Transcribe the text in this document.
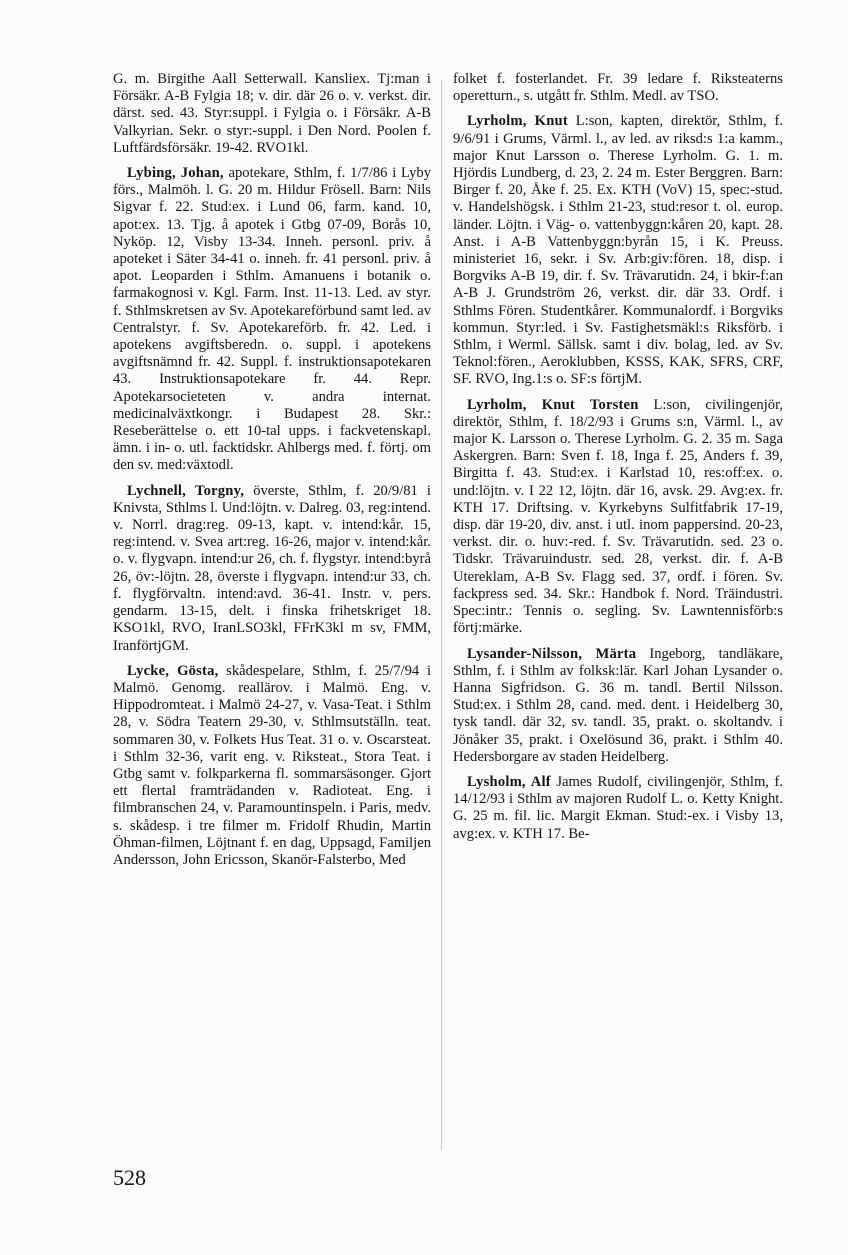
G. m. Birgithe Aall Setterwall. Kansliex. Tj:man i Försäkr. A-B Fylgia 18; v. dir. där 26 o. v. verkst. dir. därst. sed. 43. Styr:suppl. i Fylgia o. i Försäkr. A-B Valkyrian. Sekr. o styr:-suppl. i Den Nord. Poolen f. Luftfärdsförsäkr. 19-42. RVO1kl.

Lybing, Johan, apotekare, Sthlm, f. 1/7/86 i Lyby förs., Malmöh. l. G. 20 m. Hildur Frösell. Barn: Nils Sigvar f. 22. Stud:ex. i Lund 06, farm. kand. 10, apot:ex. 13. Tjg. å apotek i Gtbg 07-09, Borås 10, Nyköp. 12, Visby 13-34. Inneh. personl. priv. å apoteket i Säter 34-41 o. inneh. fr. 41 personl. priv. å apot. Leoparden i Sthlm. Amanuens i botanik o. farmakognosi v. Kgl. Farm. Inst. 11-13. Led. av styr. f. Sthlmskretsen av Sv. Apotekareförbund samt led. av Centralstyr. f. Sv. Apotekareförb. fr. 42. Led. i apotekens avgiftsberedn. o. suppl. i apotekens avgiftsnämnd fr. 42. Suppl. f. instruktionsapotekaren 43. Instruktionsapotekare fr. 44. Repr. Apotekarsocieteten v. andra internat. medicinalväxtkongr. i Budapest 28. Skr.: Reseberättelse o. ett 10-tal upps. i fackvetenskapl. ämn. i in- o. utl. facktidskr. Ahlbergs med. f. förtj. om den sv. med:växtodl.

Lychnell, Torgny, överste, Sthlm, f. 20/9/81 i Knivsta, Sthlms l. Und:löjtn. v. Dalreg. 03, reg:intend. v. Norrl. drag:reg. 09-13, kapt. v. intend:kår. 15, reg:intend. v. Svea art:reg. 16-26, major v. intend:kår. o. v. flygvapn. intend:ur 26, ch. f. flygstyr. intend:byrå 26, öv:-löjtn. 28, överste i flygvapn. intend:ur 33, ch. f. flygförvaltn. intend:avd. 36-41. Instr. v. pers. gendarm. 13-15, delt. i finska frihetskriget 18. KSO1kl, RVO, IranLSO3kl, FFrK3kl m sv, FMM, IranförtjGM.

Lycke, Gösta, skådespelare, Sthlm, f. 25/7/94 i Malmö. Genomg. reallärov. i Malmö. Eng. v. Hippodromteat. i Malmö 24-27, v. Vasa-Teat. i Sthlm 28, v. Södra Teatern 29-30, v. Sthlmsutställn. teat. sommaren 30, v. Folkets Hus Teat. 31 o. v. Oscarsteat. i Sthlm 32-36, varit eng. v. Riksteat., Stora Teat. i Gtbg samt v. folkparkerna fl. sommarsäsonger. Gjort ett flertal framträdanden v. Radioteat. Eng. i filmbranschen 24, v. Paramountinspeln. i Paris, medv. s. skådesp. i tre filmer m. Fridolf Rhudin, Martin Öhman-filmen, Löjtnant f. en dag, Uppsagd, Familjen Andersson, John Ericsson, Skanör-Falsterbo, Med

folket f. fosterlandet. Fr. 39 ledare f. Riksteaterns operetturn., s. utgått fr. Sthlm. Medl. av TSO.

Lyrholm, Knut L:son, kapten, direktör, Sthlm, f. 9/6/91 i Grums, Värml. l., av led. av riksd:s 1:a kamm., major Knut Larsson o. Therese Lyrholm. G. 1. m. Hjördis Lundberg, d. 23, 2. 24 m. Ester Berggren. Barn: Birger f. 20, Åke f. 25. Ex. KTH (VoV) 15, spec:-stud. v. Handelshögsk. i Sthlm 21-23, stud:resor t. ol. europ. länder. Löjtn. i Väg- o. vattenbyggn:kåren 20, kapt. 28. Anst. i A-B Vattenbyggn:byrån 15, i K. Preuss. ministeriet 16, sekr. i Sv. Arb:giv:fören. 18, disp. i Borgviks A-B 19, dir. f. Sv. Trävarutidn. 24, i bkir-f:an A-B J. Grundström 26, verkst. dir. där 33. Ordf. i Sthlms Fören. Studentkårer. Kommunalordf. i Borgviks kommun. Styr:led. i Sv. Fastighetsmäkl:s Riksförb. i Sthlm, i Werml. Sällsk. samt i div. bolag, led. av Sv. Teknol:fören., Aeroklubben, KSSS, KAK, SFRS, CRF, SF. RVO, Ing.1:s o. SF:s förtjM.

Lyrholm, Knut Torsten L:son, civilingenjör, direktör, Sthlm, f. 18/2/93 i Grums s:n, Värml. l., av major K. Larsson o. Therese Lyrholm. G. 2. 35 m. Saga Askergren. Barn: Sven f. 18, Inga f. 25, Anders f. 39, Birgitta f. 43. Stud:ex. i Karlstad 10, res:off:ex. o. und:löjtn. v. I 22 12, löjtn. där 16, avsk. 29. Avg:ex. fr. KTH 17. Driftsing. v. Kyrkebyns Sulfitfabrik 17-19, disp. där 19-20, div. anst. i utl. inom pappersind. 20-23, verkst. dir. o. huv:-red. f. Sv. Trävarutidn. sed. 23 o. Tidskr. Trävaruindustr. sed. 28, verkst. dir. f. A-B Utereklam, A-B Sv. Flagg sed. 37, ordf. i fören. Sv. fackpress sed. 34. Skr.: Handbok f. Nord. Träindustri. Spec:intr.: Tennis o. segling. Sv. Lawntennisförb:s förtj:märke.

Lysander-Nilsson, Märta Ingeborg, tandläkare, Sthlm, f. i Sthlm av folksk:lär. Karl Johan Lysander o. Hanna Sigfridson. G. 36 m. tandl. Bertil Nilsson. Stud:ex. i Sthlm 28, cand. med. dent. i Heidelberg 30, tysk tandl. där 32, sv. tandl. 35, prakt. o. skoltandv. i Jönåker 35, prakt. i Oxelösund 36, prakt. i Sthlm 40. Hedersborgare av staden Heidelberg.

Lysholm, Alf James Rudolf, civilingenjör, Sthlm, f. 14/12/93 i Sthlm av majoren Rudolf L. o. Ketty Knight. G. 25 m. fil. lic. Margit Ekman. Stud:-ex. i Visby 13, avg:ex. v. KTH 17. Be-

528
